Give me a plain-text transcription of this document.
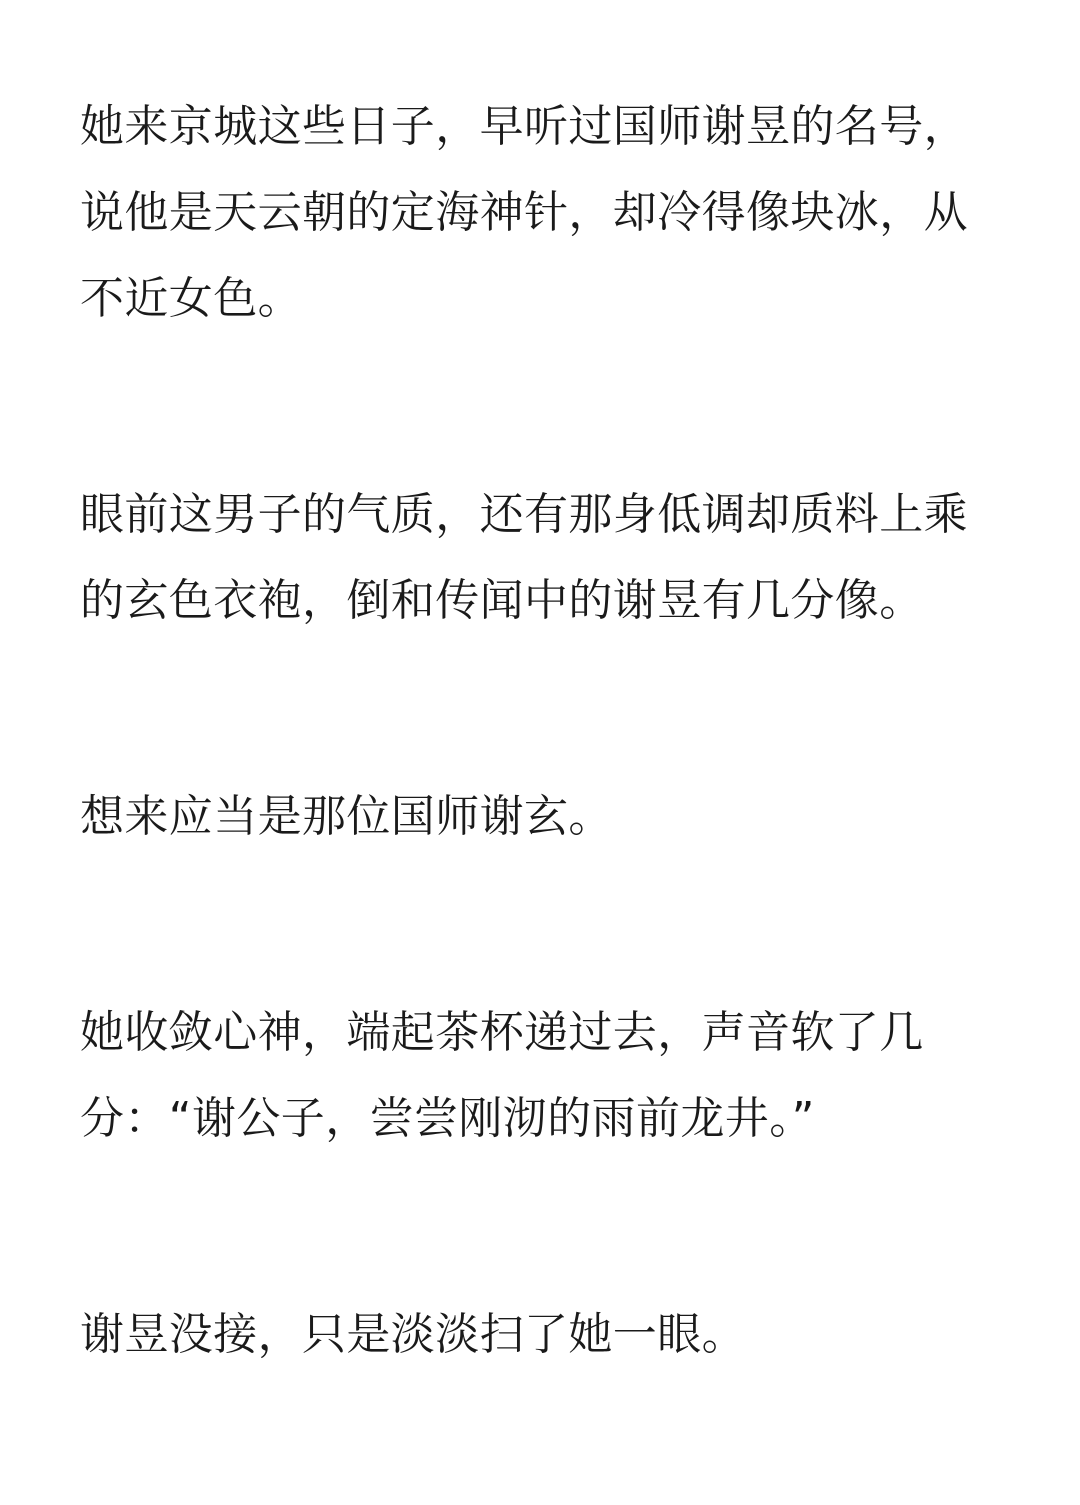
她来京城这些日子，早听过国师谢昱的名号，说他是天云朝的定海神针，却冷得像块冰，从不近女色。

眼前这男子的气质，还有那身低调却质料上乘的玄色衣袍，倒和传闻中的谢昱有几分像。

想来应当是那位国师谢玄。

她收敛心神，端起茶杯递过去，声音软了几分：“谢公子，尝尝刚沏的雨前龙井。”

谢昱没接，只是淡淡扫了她一眼。
